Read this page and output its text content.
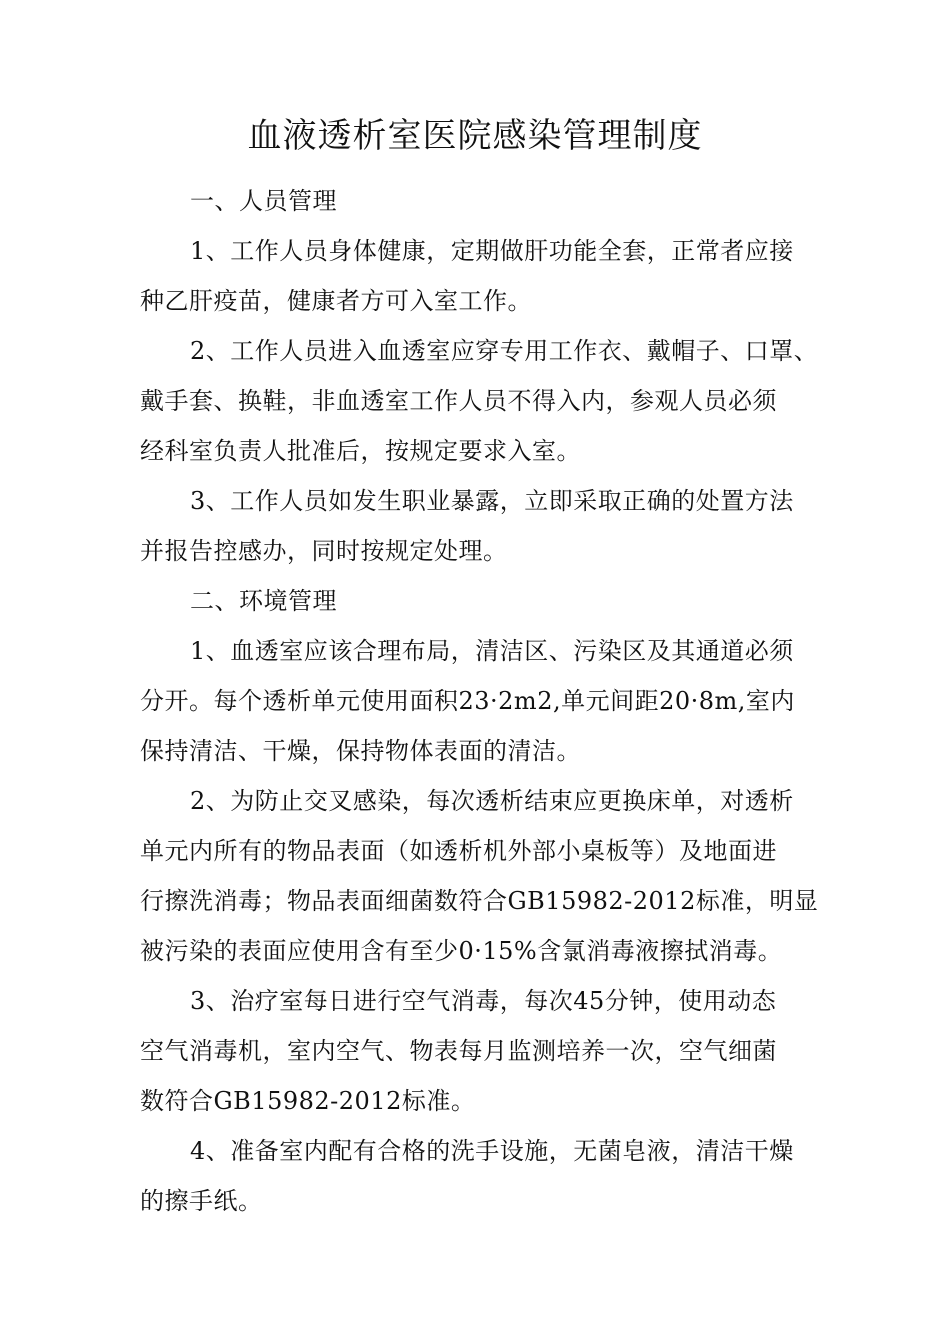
血液透析室医院感染管理制度
一、人员管理
1、工作人员身体健康，定期做肝功能全套，正常者应接
种乙肝疫苗，健康者方可入室工作。
2、工作人员进入血透室应穿专用工作衣、戴帽子、口罩、
戴手套、换鞋，非血透室工作人员不得入内，参观人员必须
经科室负责人批准后，按规定要求入室。
3、工作人员如发生职业暴露，立即采取正确的处置方法
并报告控感办，同时按规定处理。
二、环境管理
1、血透室应该合理布局，清洁区、污染区及其通道必须
分开。每个透析单元使用面积23·2m2,单元间距20·8m,室内
保持清洁、干燥，保持物体表面的清洁。
2、为防止交叉感染，每次透析结束应更换床单，对透析
单元内所有的物品表面（如透析机外部小桌板等）及地面进
行擦洗消毒；物品表面细菌数符合GB15982-2012标准，明显
被污染的表面应使用含有至少0·15%含氯消毒液擦拭消毒。
3、治疗室每日进行空气消毒，每次45分钟，使用动态
空气消毒机，室内空气、物表每月监测培养一次，空气细菌
数符合GB15982-2012标准。
4、准备室内配有合格的洗手设施，无菌皂液，清洁干燥
的擦手纸。
